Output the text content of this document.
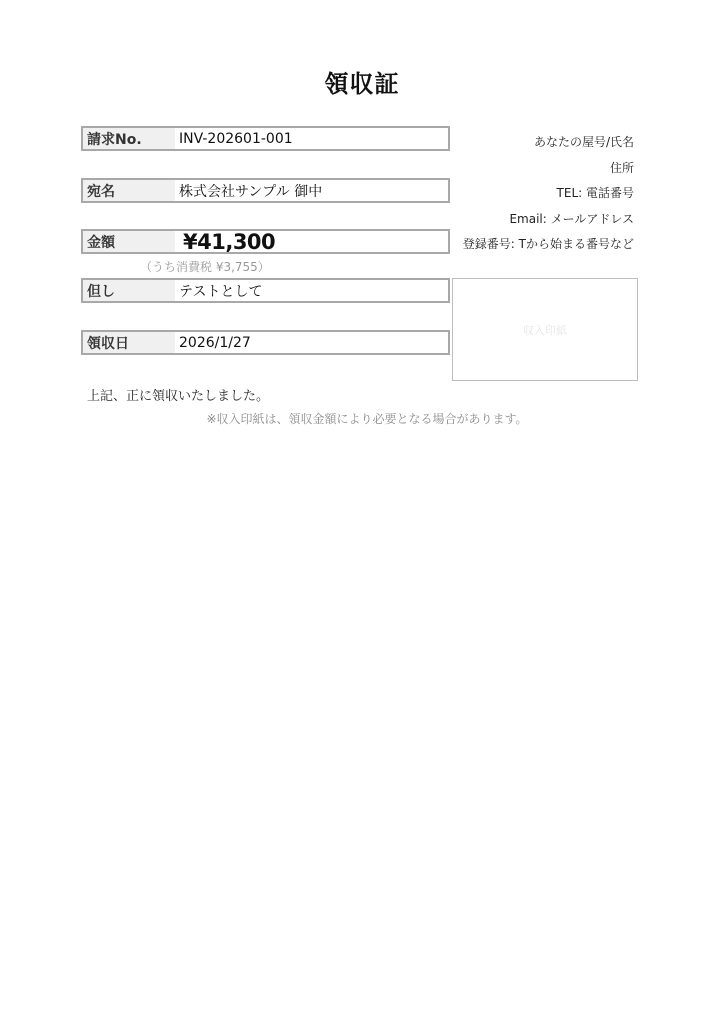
領収証
請求No.	INV-202601-001
宛名	株式会社サンプル 御中
金額	¥41,300
（うち消費税 ¥3,755）
但し	テストとして
領収日	2026/1/27
あなたの屋号/氏名
住所
TEL: 電話番号
Email: メールアドレス
登録番号: Tから始まる番号など
収入印紙
上記、正に領収いたしました。
※収入印紙は、領収金額により必要となる場合があります。
